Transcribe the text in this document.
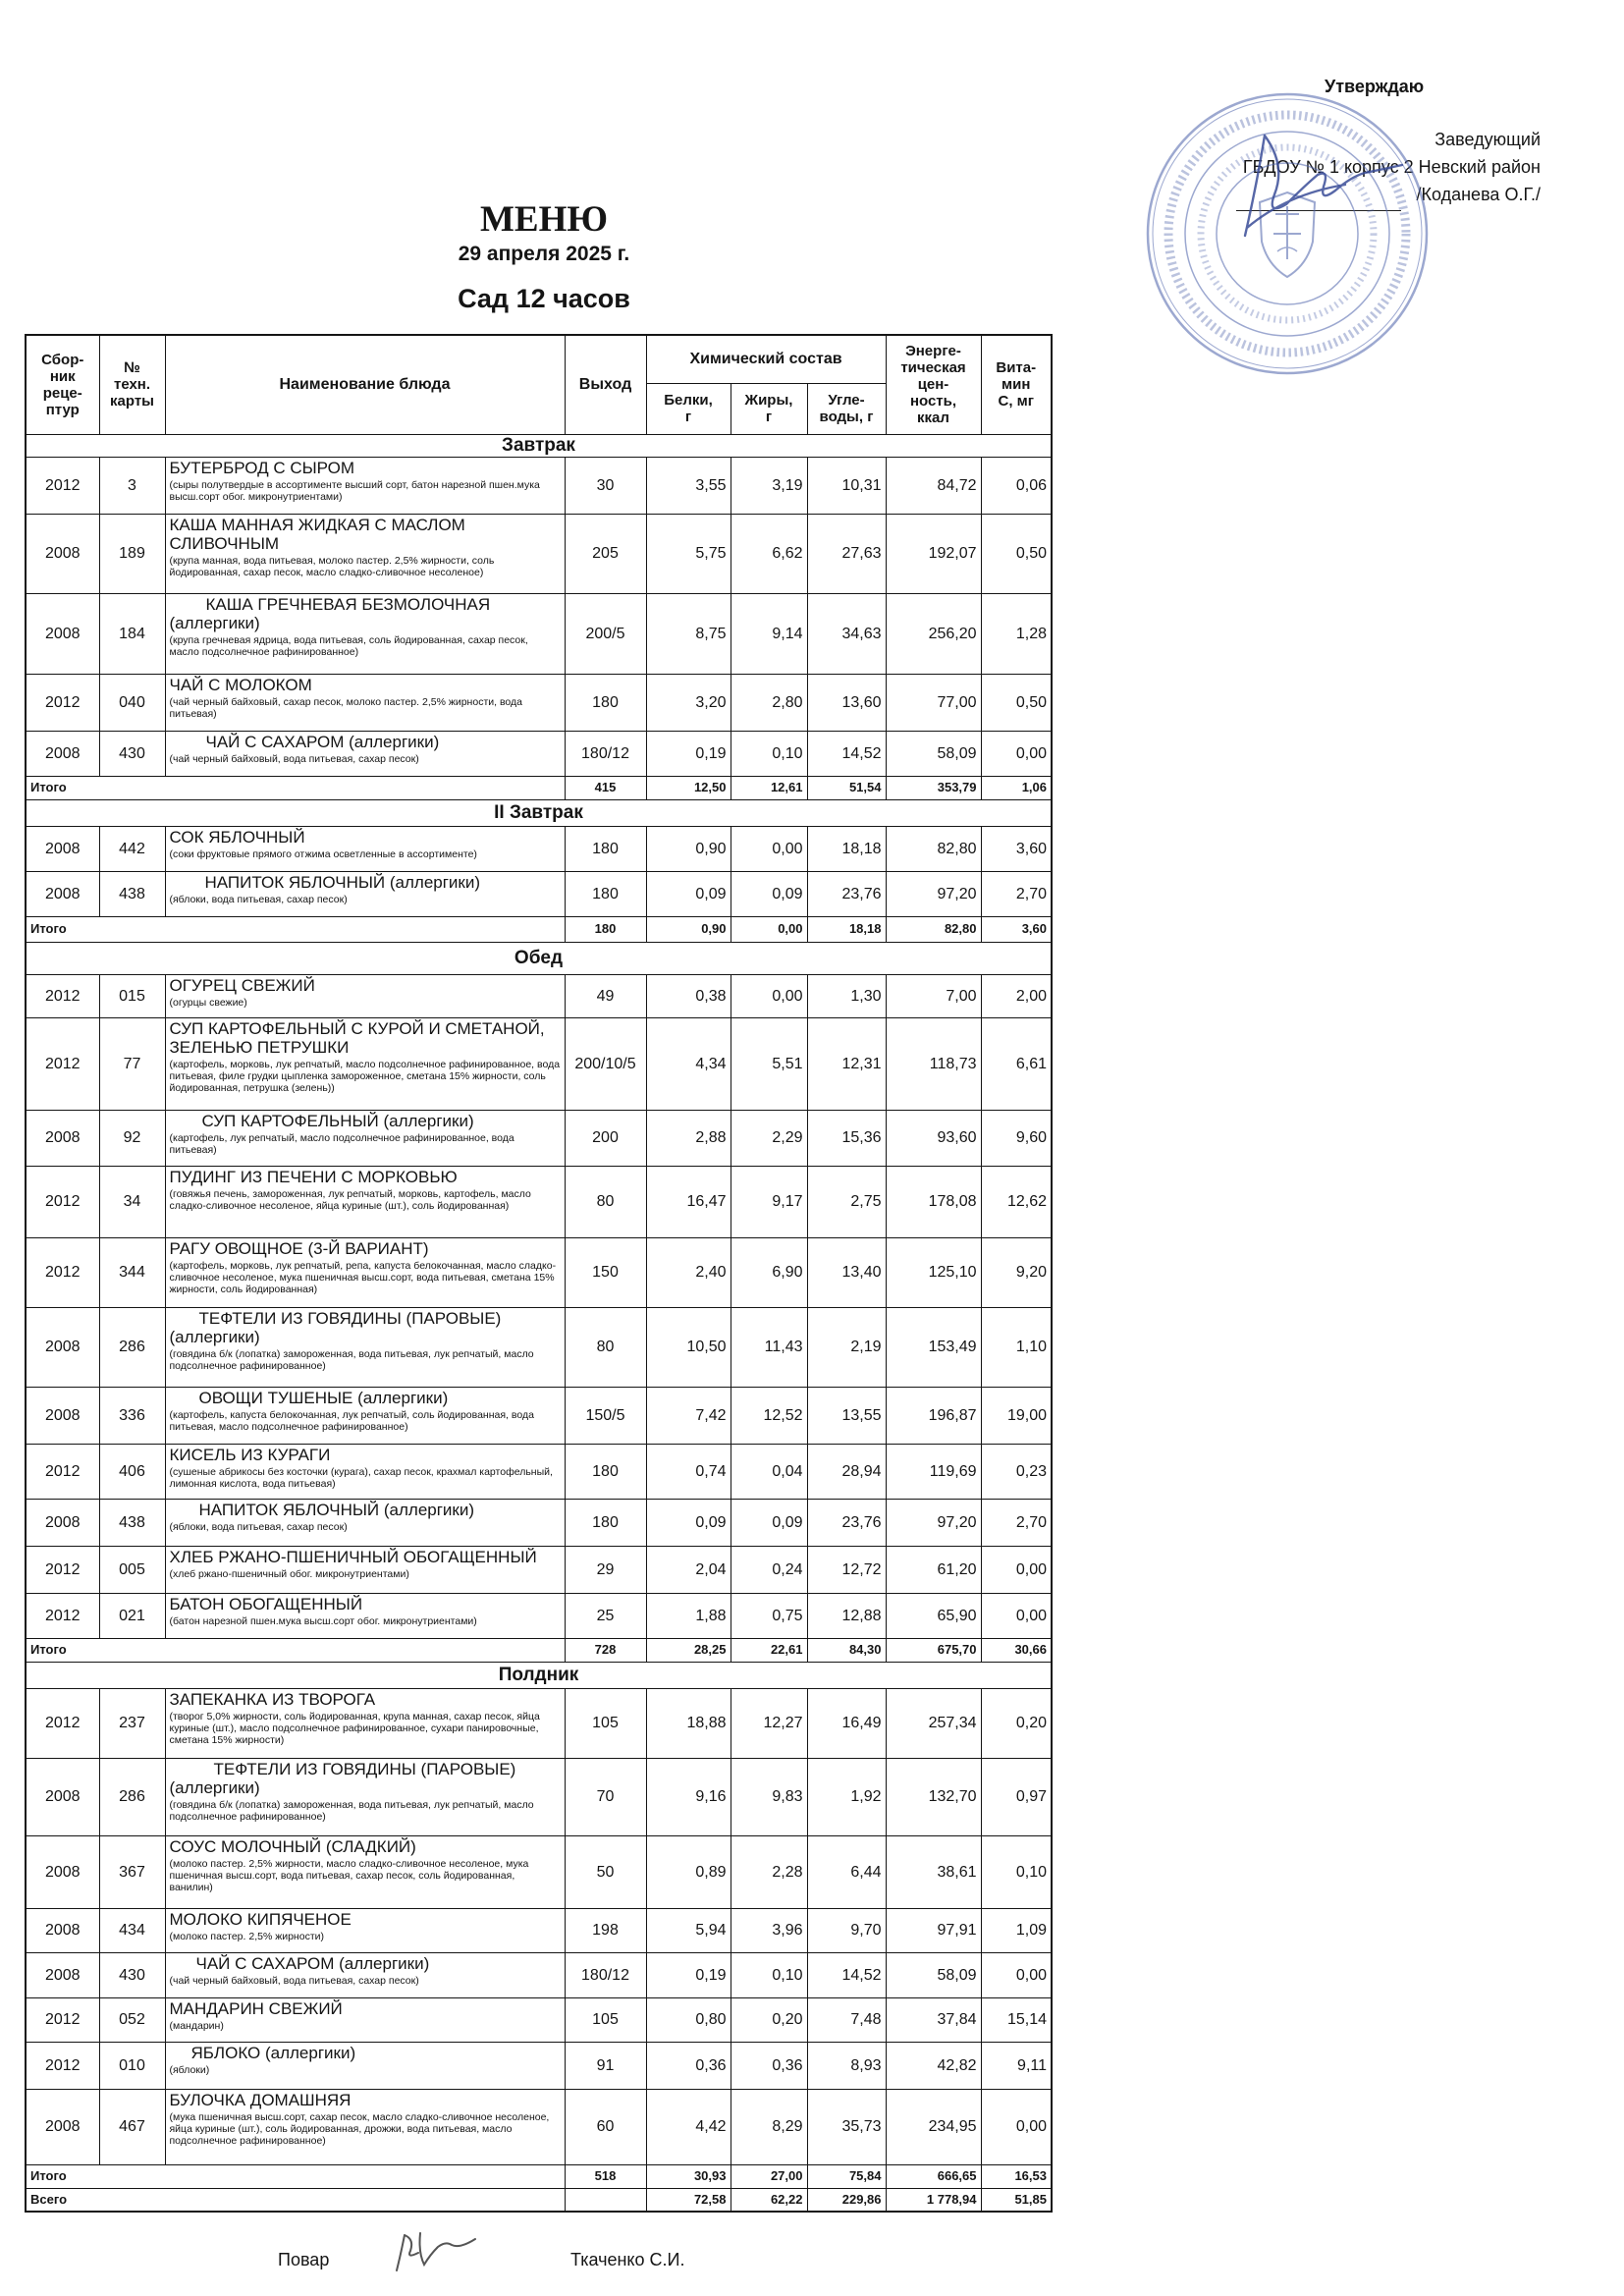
Утверждаю
Заведующий
ГБДОУ № 1 корпус 2 Невский район
/Коданева О.Г./
МЕНЮ
29 апреля 2025 г.
Сад 12 часов
Сбор-
ник
реце-
птур	№
техн.
карты	Наименование блюда	Выход	Химический состав			Энерге-
тическая
цен-
ность,
ккал	Вита-
мин
С, мг
				Белки,
г	Жиры,
г	Угле-
воды, г		
Завтрак								
2012	3	БУТЕРБРОД С СЫРОМ
(сыры полутвердые в ассортименте высший сорт, батон нарезной пшен.мука высш.сорт обог. микронутриентами)	30	3,55	3,19	10,31	84,72	0,06
2008	189	КАША МАННАЯ ЖИДКАЯ С МАСЛОМ СЛИВОЧНЫМ
(крупа манная, вода питьевая, молоко пастер. 2,5% жирности, соль йодированная, сахар песок, масло сладко-сливочное несоленое)	205	5,75	6,62	27,63	192,07	0,50
2008	184	КАША ГРЕЧНЕВАЯ БЕЗМОЛОЧНАЯ (аллергики)
(крупа гречневая ядрица, вода питьевая, соль йодированная, сахар песок, масло подсолнечное рафинированное)	200/5	8,75	9,14	34,63	256,20	1,28
2012	040	ЧАЙ С МОЛОКОМ
(чай черный байховый, сахар песок, молоко пастер. 2,5% жирности, вода питьевая)	180	3,20	2,80	13,60	77,00	0,50
2008	430	ЧАЙ С САХАРОМ (аллергики)
(чай черный байховый, вода питьевая, сахар песок)	180/12	0,19	0,10	14,52	58,09	0,00
Итого			415	12,50	12,61	51,54	353,79	1,06
II Завтрак								
2008	442	СОК ЯБЛОЧНЫЙ
(соки фруктовые прямого отжима осветленные в ассортименте)	180	0,90	0,00	18,18	82,80	3,60
2008	438	НАПИТОК ЯБЛОЧНЫЙ (аллергики)
(яблоки, вода питьевая, сахар песок)	180	0,09	0,09	23,76	97,20	2,70
Итого			180	0,90	0,00	18,18	82,80	3,60
Обед								
2012	015	ОГУРЕЦ СВЕЖИЙ
(огурцы свежие)	49	0,38	0,00	1,30	7,00	2,00
2012	77	СУП КАРТОФЕЛЬНЫЙ С КУРОЙ И СМЕТАНОЙ, ЗЕЛЕНЬЮ ПЕТРУШКИ
(картофель, морковь, лук репчатый, масло подсолнечное рафинированное, вода питьевая, филе грудки цыпленка замороженное, сметана 15% жирности, соль йодированная, петрушка (зелень))	200/10/5	4,34	5,51	12,31	118,73	6,61
2008	92	СУП КАРТОФЕЛЬНЫЙ (аллергики)
(картофель, лук репчатый, масло подсолнечное рафинированное, вода питьевая)	200	2,88	2,29	15,36	93,60	9,60
2012	34	ПУДИНГ ИЗ ПЕЧЕНИ С МОРКОВЬЮ
(говяжья печень, замороженная, лук репчатый, морковь, картофель, масло сладко-сливочное несоленое, яйца куриные (шт.), соль йодированная)	80	16,47	9,17	2,75	178,08	12,62
2012	344	РАГУ ОВОЩНОЕ (3-Й ВАРИАНТ)
(картофель, морковь, лук репчатый, репа, капуста белокочанная, масло сладко-сливочное несоленое, мука пшеничная высш.сорт, вода питьевая, сметана 15% жирности, соль йодированная)	150	2,40	6,90	13,40	125,10	9,20
2008	286	ТЕФТЕЛИ ИЗ ГОВЯДИНЫ (ПАРОВЫЕ) (аллергики)
(говядина б/к (лопатка) замороженная, вода питьевая, лук репчатый, масло подсолнечное рафинированное)	80	10,50	11,43	2,19	153,49	1,10
2008	336	ОВОЩИ ТУШЕНЫЕ (аллергики)
(картофель, капуста белокочанная, лук репчатый, соль йодированная, вода питьевая, масло подсолнечное рафинированное)	150/5	7,42	12,52	13,55	196,87	19,00
2012	406	КИСЕЛЬ ИЗ КУРАГИ
(сушеные абрикосы без косточки (курага), сахар песок, крахмал картофельный, лимонная кислота, вода питьевая)	180	0,74	0,04	28,94	119,69	0,23
2008	438	НАПИТОК ЯБЛОЧНЫЙ (аллергики)
(яблоки, вода питьевая, сахар песок)	180	0,09	0,09	23,76	97,20	2,70
2012	005	ХЛЕБ РЖАНО-ПШЕНИЧНЫЙ ОБОГАЩЕННЫЙ
(хлеб ржано-пшеничный обог. микронутриентами)	29	2,04	0,24	12,72	61,20	0,00
2012	021	БАТОН ОБОГАЩЕННЫЙ
(батон нарезной пшен.мука высш.сорт обог. микронутриентами)	25	1,88	0,75	12,88	65,90	0,00
Итого			728	28,25	22,61	84,30	675,70	30,66
Полдник								
2012	237	ЗАПЕКАНКА ИЗ ТВОРОГА
(творог 5,0% жирности, соль йодированная, крупа манная, сахар песок, яйца куриные (шт.), масло подсолнечное рафинированное, сухари панировочные, сметана 15% жирности)	105	18,88	12,27	16,49	257,34	0,20
2008	286	ТЕФТЕЛИ ИЗ ГОВЯДИНЫ (ПАРОВЫЕ) (аллергики)
(говядина б/к (лопатка) замороженная, вода питьевая, лук репчатый, масло подсолнечное рафинированное)	70	9,16	9,83	1,92	132,70	0,97
2008	367	СОУС МОЛОЧНЫЙ (СЛАДКИЙ)
(молоко пастер. 2,5% жирности, масло сладко-сливочное несоленое, мука пшеничная высш.сорт, вода питьевая, сахар песок, соль йодированная, ванилин)	50	0,89	2,28	6,44	38,61	0,10
2008	434	МОЛОКО КИПЯЧЕНОЕ
(молоко пастер. 2,5% жирности)	198	5,94	3,96	9,70	97,91	1,09
2008	430	ЧАЙ С САХАРОМ (аллергики)
(чай черный байховый, вода питьевая, сахар песок)	180/12	0,19	0,10	14,52	58,09	0,00
2012	052	МАНДАРИН СВЕЖИЙ
(мандарин)	105	0,80	0,20	7,48	37,84	15,14
2012	010	ЯБЛОКО (аллергики)
(яблоки)	91	0,36	0,36	8,93	42,82	9,11
2008	467	БУЛОЧКА ДОМАШНЯЯ
(мука пшеничная высш.сорт, сахар песок, масло сладко-сливочное несоленое, яйца куриные (шт.), соль йодированная, дрожжи, вода питьевая, масло подсолнечное рафинированное)	60	4,42	8,29	35,73	234,95	0,00
Итого			518	30,93	27,00	75,84	666,65	16,53
Всего				72,58	62,22	229,86	1 778,94	51,85
Повар	Ткаченко С.И.
